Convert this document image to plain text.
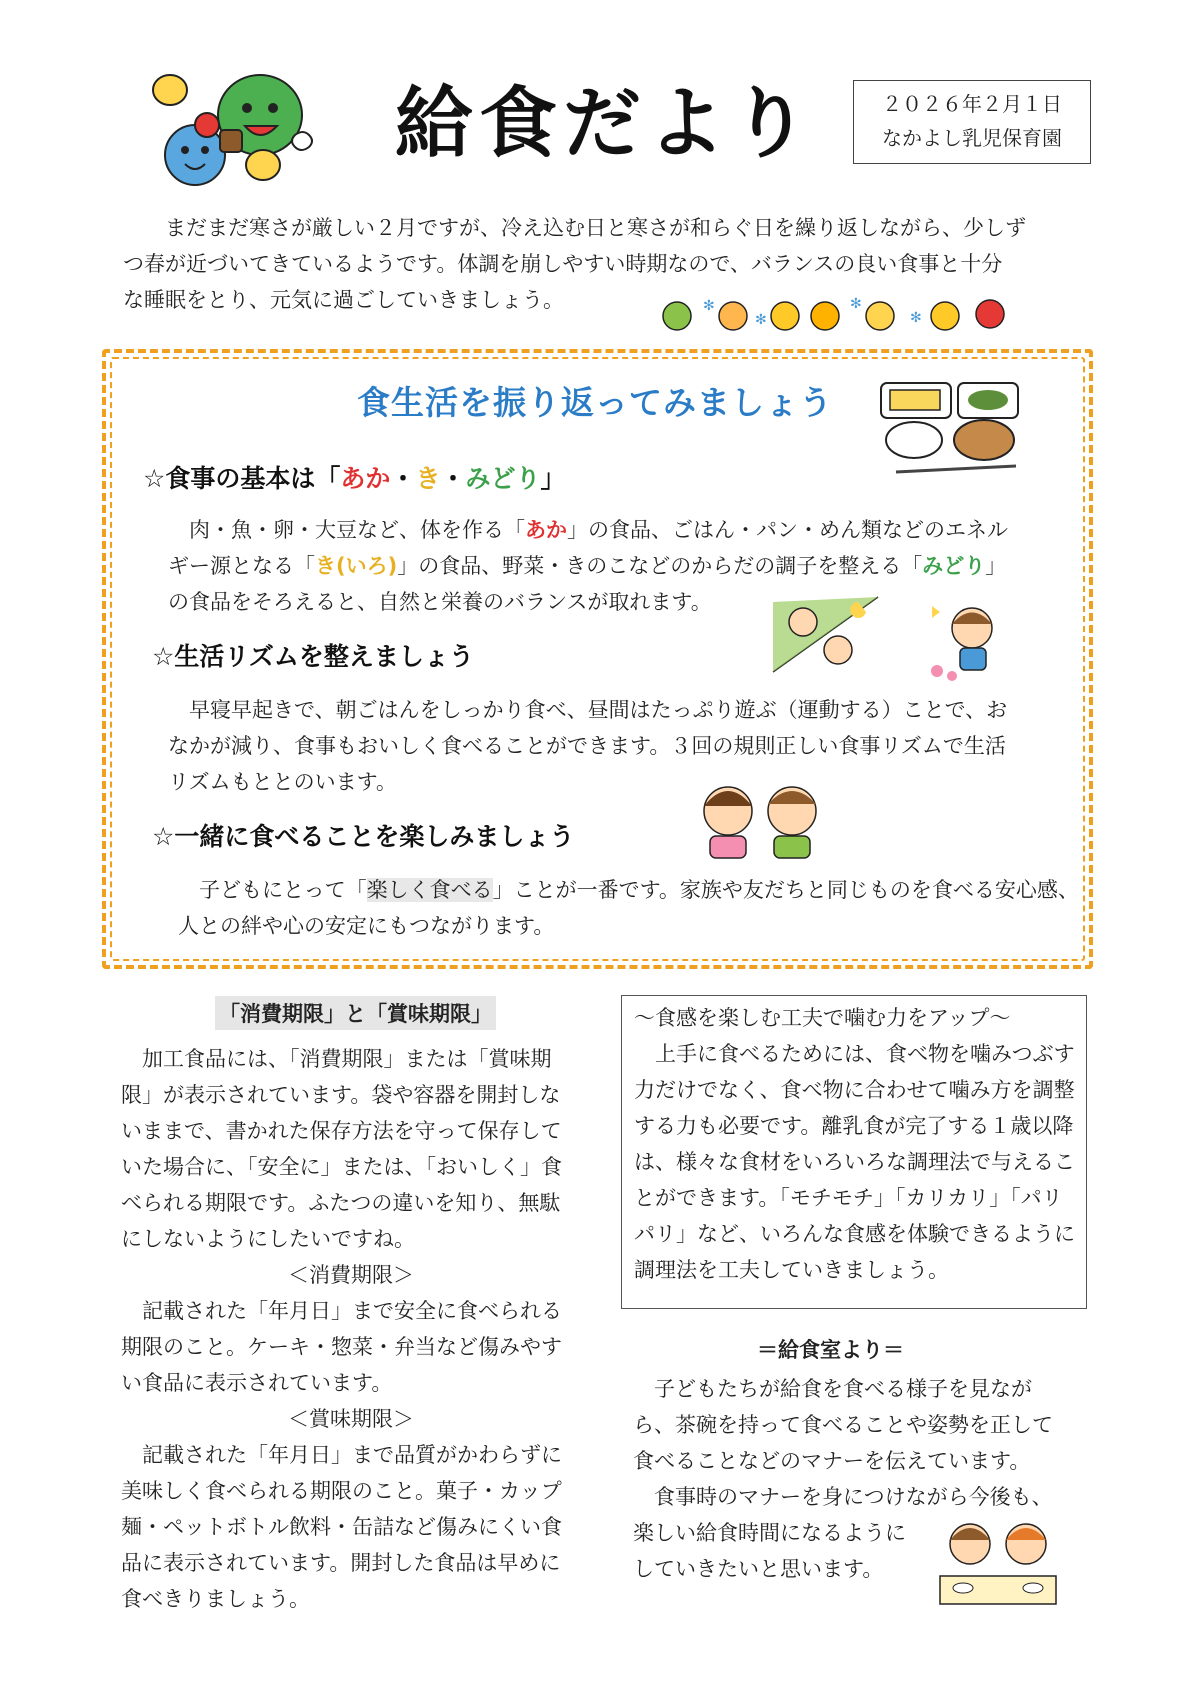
給食だより	２０２６年２月１日
なかよし乳児保育園

まだまだ寒さが厳しい２月ですが、冷え込む日と寒さが和らぐ日を繰り返しながら、少しず

つ春が近づいてきているようです。体調を崩しやすい時期なので、バランスの良い食事と十分

な睡眠をとり、元気に過ごしていきましょう。	✻
✻
✻
✻
食生活を振り返ってみましょう
☆食事の基本は「あか・き・みどり」

肉・魚・卵・大豆など、体を作る「あか」の食品、ごはん・パン・めん類などのエネル

ギー源となる「き(いろ)」の食品、野菜・きのこなどのからだの調子を整える「みどり」

の食品をそろえると、自然と栄養のバランスが取れます。

☆生活リズムを整えましょう

早寝早起きで、朝ごはんをしっかり食べ、昼間はたっぷり遊ぶ（運動する）ことで、お

なかが減り、食事もおいしく食べることができます。３回の規則正しい食事リズムで生活

リズムもととのいます。

☆一緒に食べることを楽しみましょう

子どもにとって「楽しく食べる」ことが一番です。家族や友だちと同じものを食べる安心感、

人との絆や心の安定にもつながります。

「消費期限」と「賞味期限」

加工食品には、「消費期限」または「賞味期

限」が表示されています。袋や容器を開封しな

いままで、書かれた保存方法を守って保存して

いた場合に、「安全に」または、「おいしく」食

べられる期限です。ふたつの違いを知り、無駄

にしないようにしたいですね。

＜消費期限＞

記載された「年月日」まで安全に食べられる

期限のこと。ケーキ・惣菜・弁当など傷みやす

い食品に表示されています。

＜賞味期限＞

記載された「年月日」まで品質がかわらずに

美味しく食べられる期限のこと。菓子・カップ

麺・ペットボトル飲料・缶詰など傷みにくい食

品に表示されています。開封した食品は早めに

食べきりましょう。

～食感を楽しむ工夫で噛む力をアップ～

上手に食べるためには、食べ物を噛みつぶす

力だけでなく、食べ物に合わせて噛み方を調整

する力も必要です。離乳食が完了する１歳以降

は、様々な食材をいろいろな調理法で与えるこ

とができます。「モチモチ」「カリカリ」「パリ

パリ」など、いろんな食感を体験できるように

調理法を工夫していきましょう。

＝給食室より＝

子どもたちが給食を食べる様子を見なが

ら、茶碗を持って食べることや姿勢を正して

食べることなどのマナーを伝えています。

食事時のマナーを身につけながら今後も、

楽しい給食時間になるように

していきたいと思います。
